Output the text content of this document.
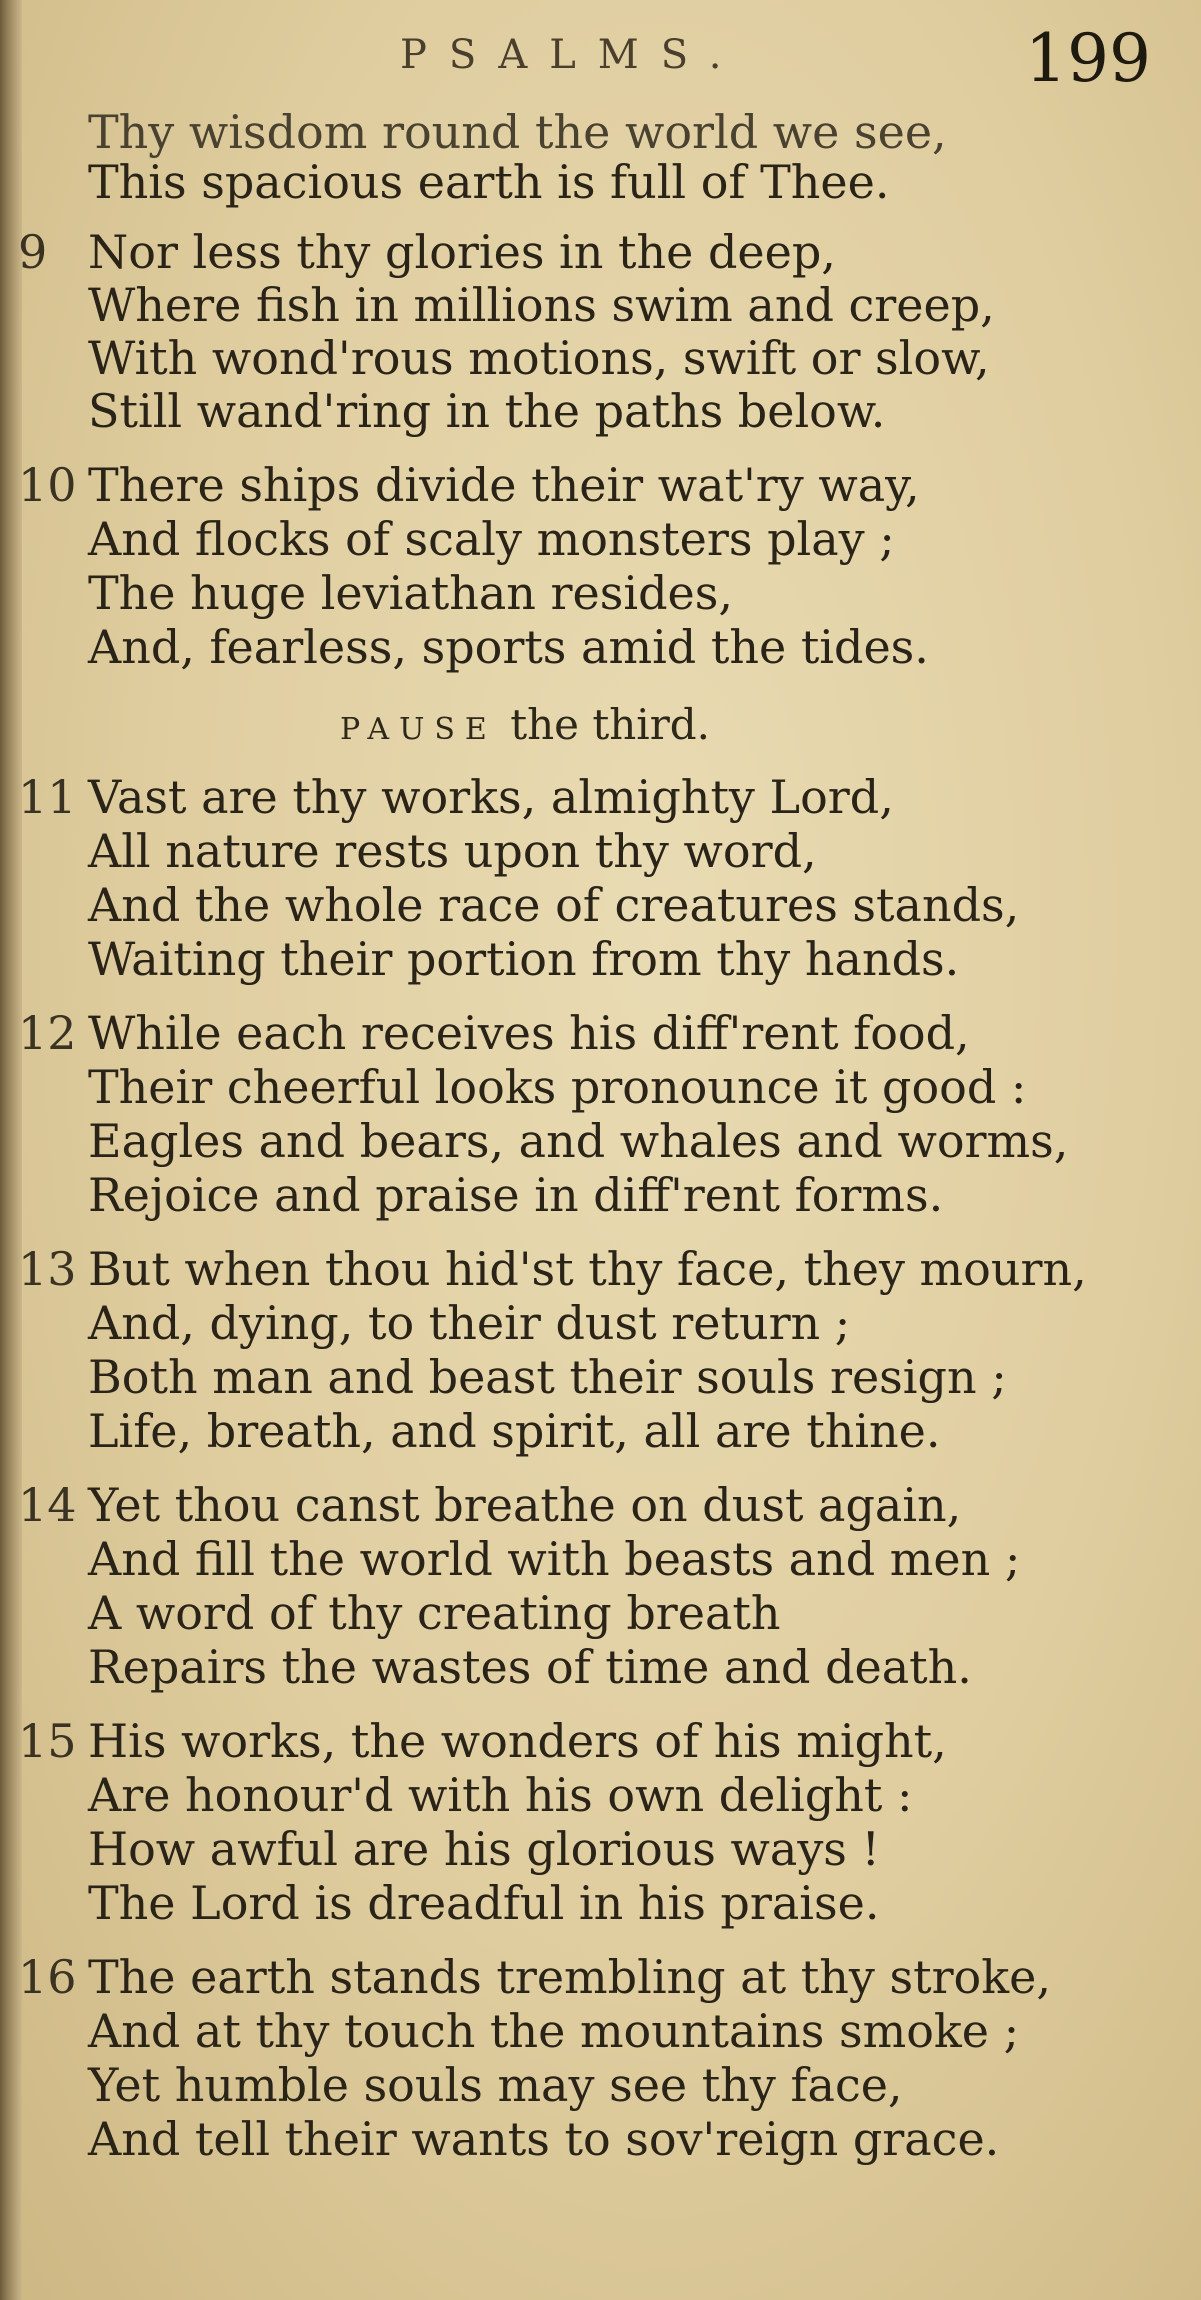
PSALMS.	199
Thy wisdom round the world we see,
This spacious earth is full of Thee.
9 Nor less thy glories in the deep,
Where fish in millions swim and creep,
With wond'rous motions, swift or slow,
Still wand'ring in the paths below.
10 There ships divide their wat'ry way,
And flocks of scaly monsters play ;
The huge leviathan resides,
And, fearless, sports amid the tides.
PAUSE the third.
11 Vast are thy works, almighty Lord,
All nature rests upon thy word,
And the whole race of creatures stands,
Waiting their portion from thy hands.
12 While each receives his diff'rent food,
Their cheerful looks pronounce it good :
Eagles and bears, and whales and worms,
Rejoice and praise in diff'rent forms.
13 But when thou hid'st thy face, they mourn,
And, dying, to their dust return ;
Both man and beast their souls resign ;
Life, breath, and spirit, all are thine.
14 Yet thou canst breathe on dust again,
And fill the world with beasts and men ;
A word of thy creating breath
Repairs the wastes of time and death.
15 His works, the wonders of his might,
Are honour'd with his own delight :
How awful are his glorious ways !
The Lord is dreadful in his praise.
16 The earth stands trembling at thy stroke,
And at thy touch the mountains smoke ;
Yet humble souls may see thy face,
And tell their wants to sov'reign grace.
